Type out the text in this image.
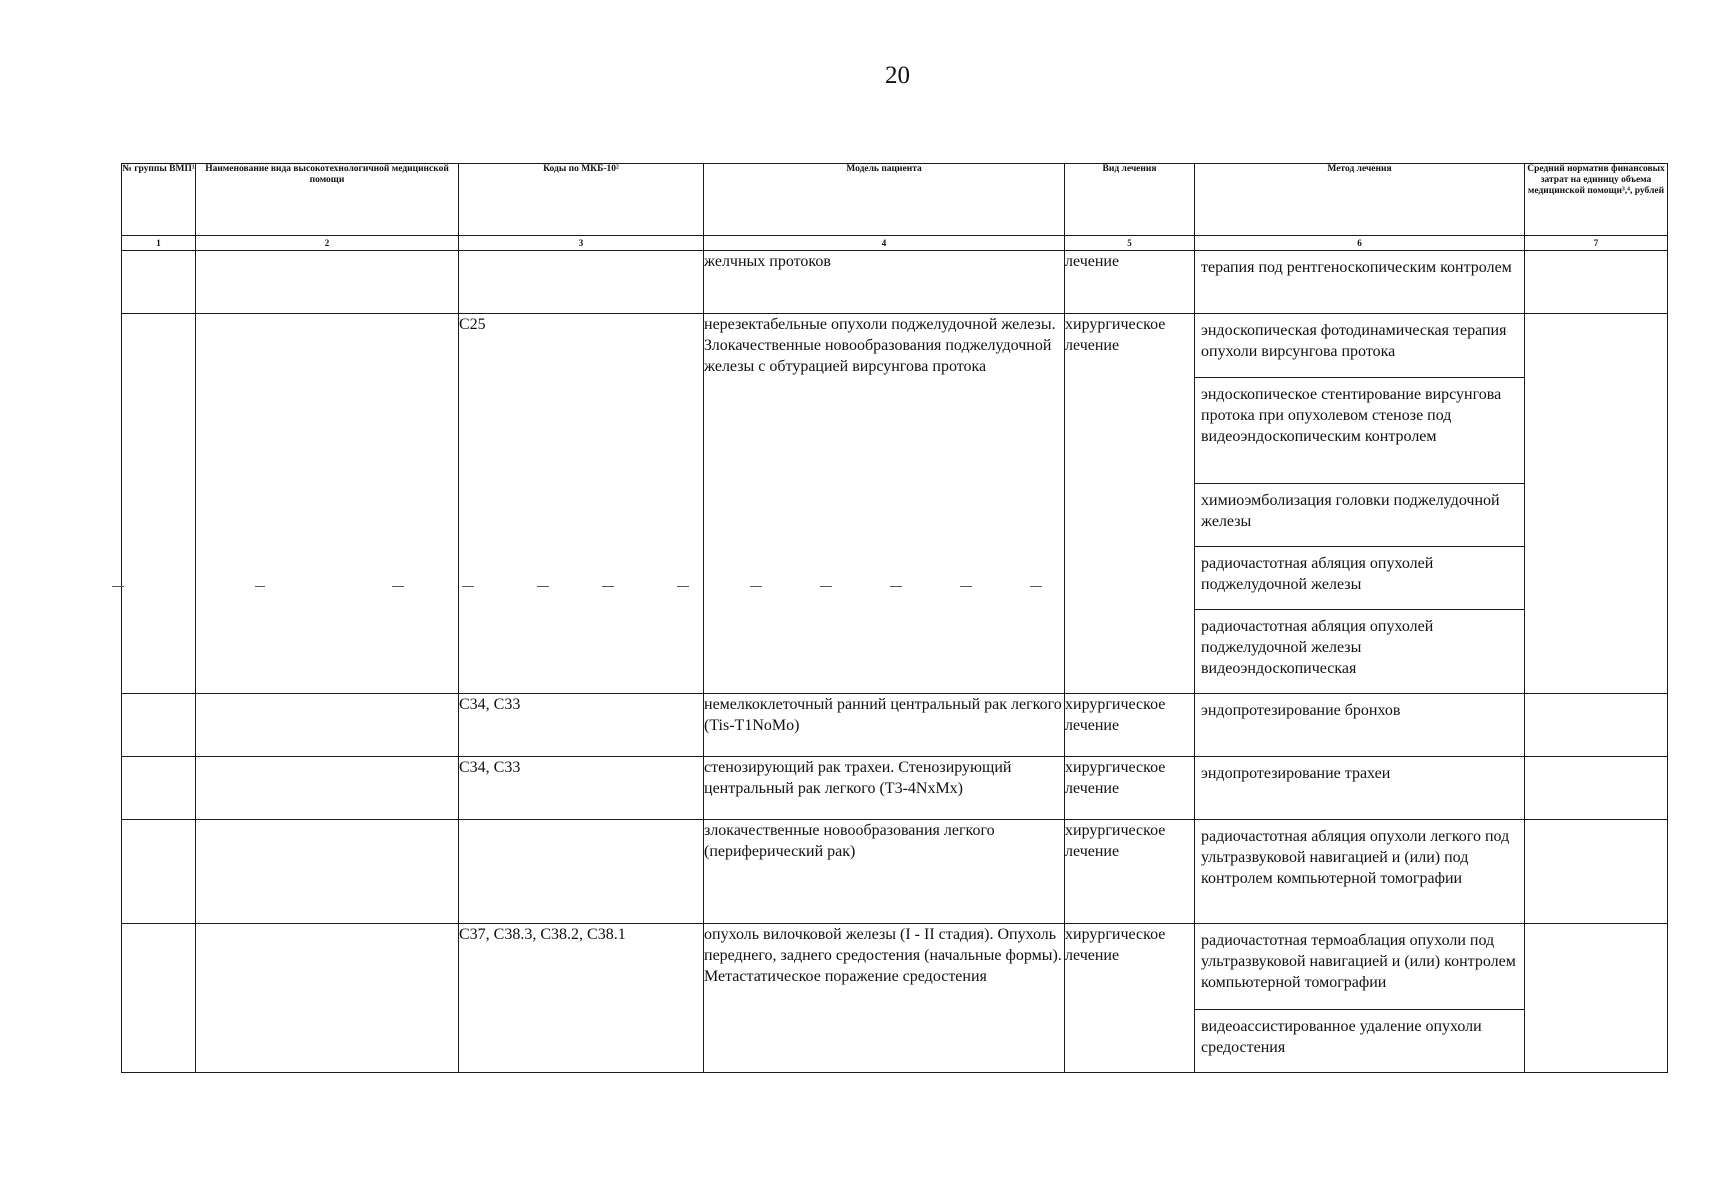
20
№ группы ВМП¹	Наименование вида высокотехнологичной медицинской помощи	Коды по МКБ-10²	Модель пациента	Вид лечения	Метод лечения	Средний норматив финансовых затрат на единицу объема медицинской помощи³,⁴, рублей
1	2	3	4	5	6	7
			желчных протоков	лечение	терапия под рентгеноскопическим контролем	

		C25	нерезектабельные опухоли поджелудочной железы. Злокачественные новообразования поджелудочной железы с обтурацией вирсунгова протока	хирургическое лечение	эндоскопическая фотодинамическая терапия опухоли вирсунгова протока
эндоскопическое стентирование вирсунгова протока при опухолевом стенозе под видеоэндоскопическим контролем
химиоэмболизация головки поджелудочной железы
радиочастотная абляция опухолей поджелудочной железы
радиочастотная абляция опухолей поджелудочной железы видеоэндоскопическая	

		C34, C33	немелкоклеточный ранний центральный рак легкого (Tis-T1NoMo)	хирургическое лечение	эндопротезирование бронхов	

		C34, C33	стенозирующий рак трахеи. Стенозирующий центральный рак легкого (T3-4NxMx)	хирургическое лечение	эндопротезирование трахеи	

			злокачественные новообразования легкого (периферический рак)	хирургическое лечение	радиочастотная абляция опухоли легкого под ультразвуковой навигацией и (или) под контролем компьютерной томографии	

		C37, C38.3, C38.2, C38.1	опухоль вилочковой железы (I - II стадия). Опухоль переднего, заднего средостения (начальные формы). Метастатическое поражение средостения	хирургическое лечение	радиочастотная термоаблация опухоли под ультразвуковой навигацией и (или) контролем компьютерной томографии
видеоассистированное удаление опухоли средостения	
